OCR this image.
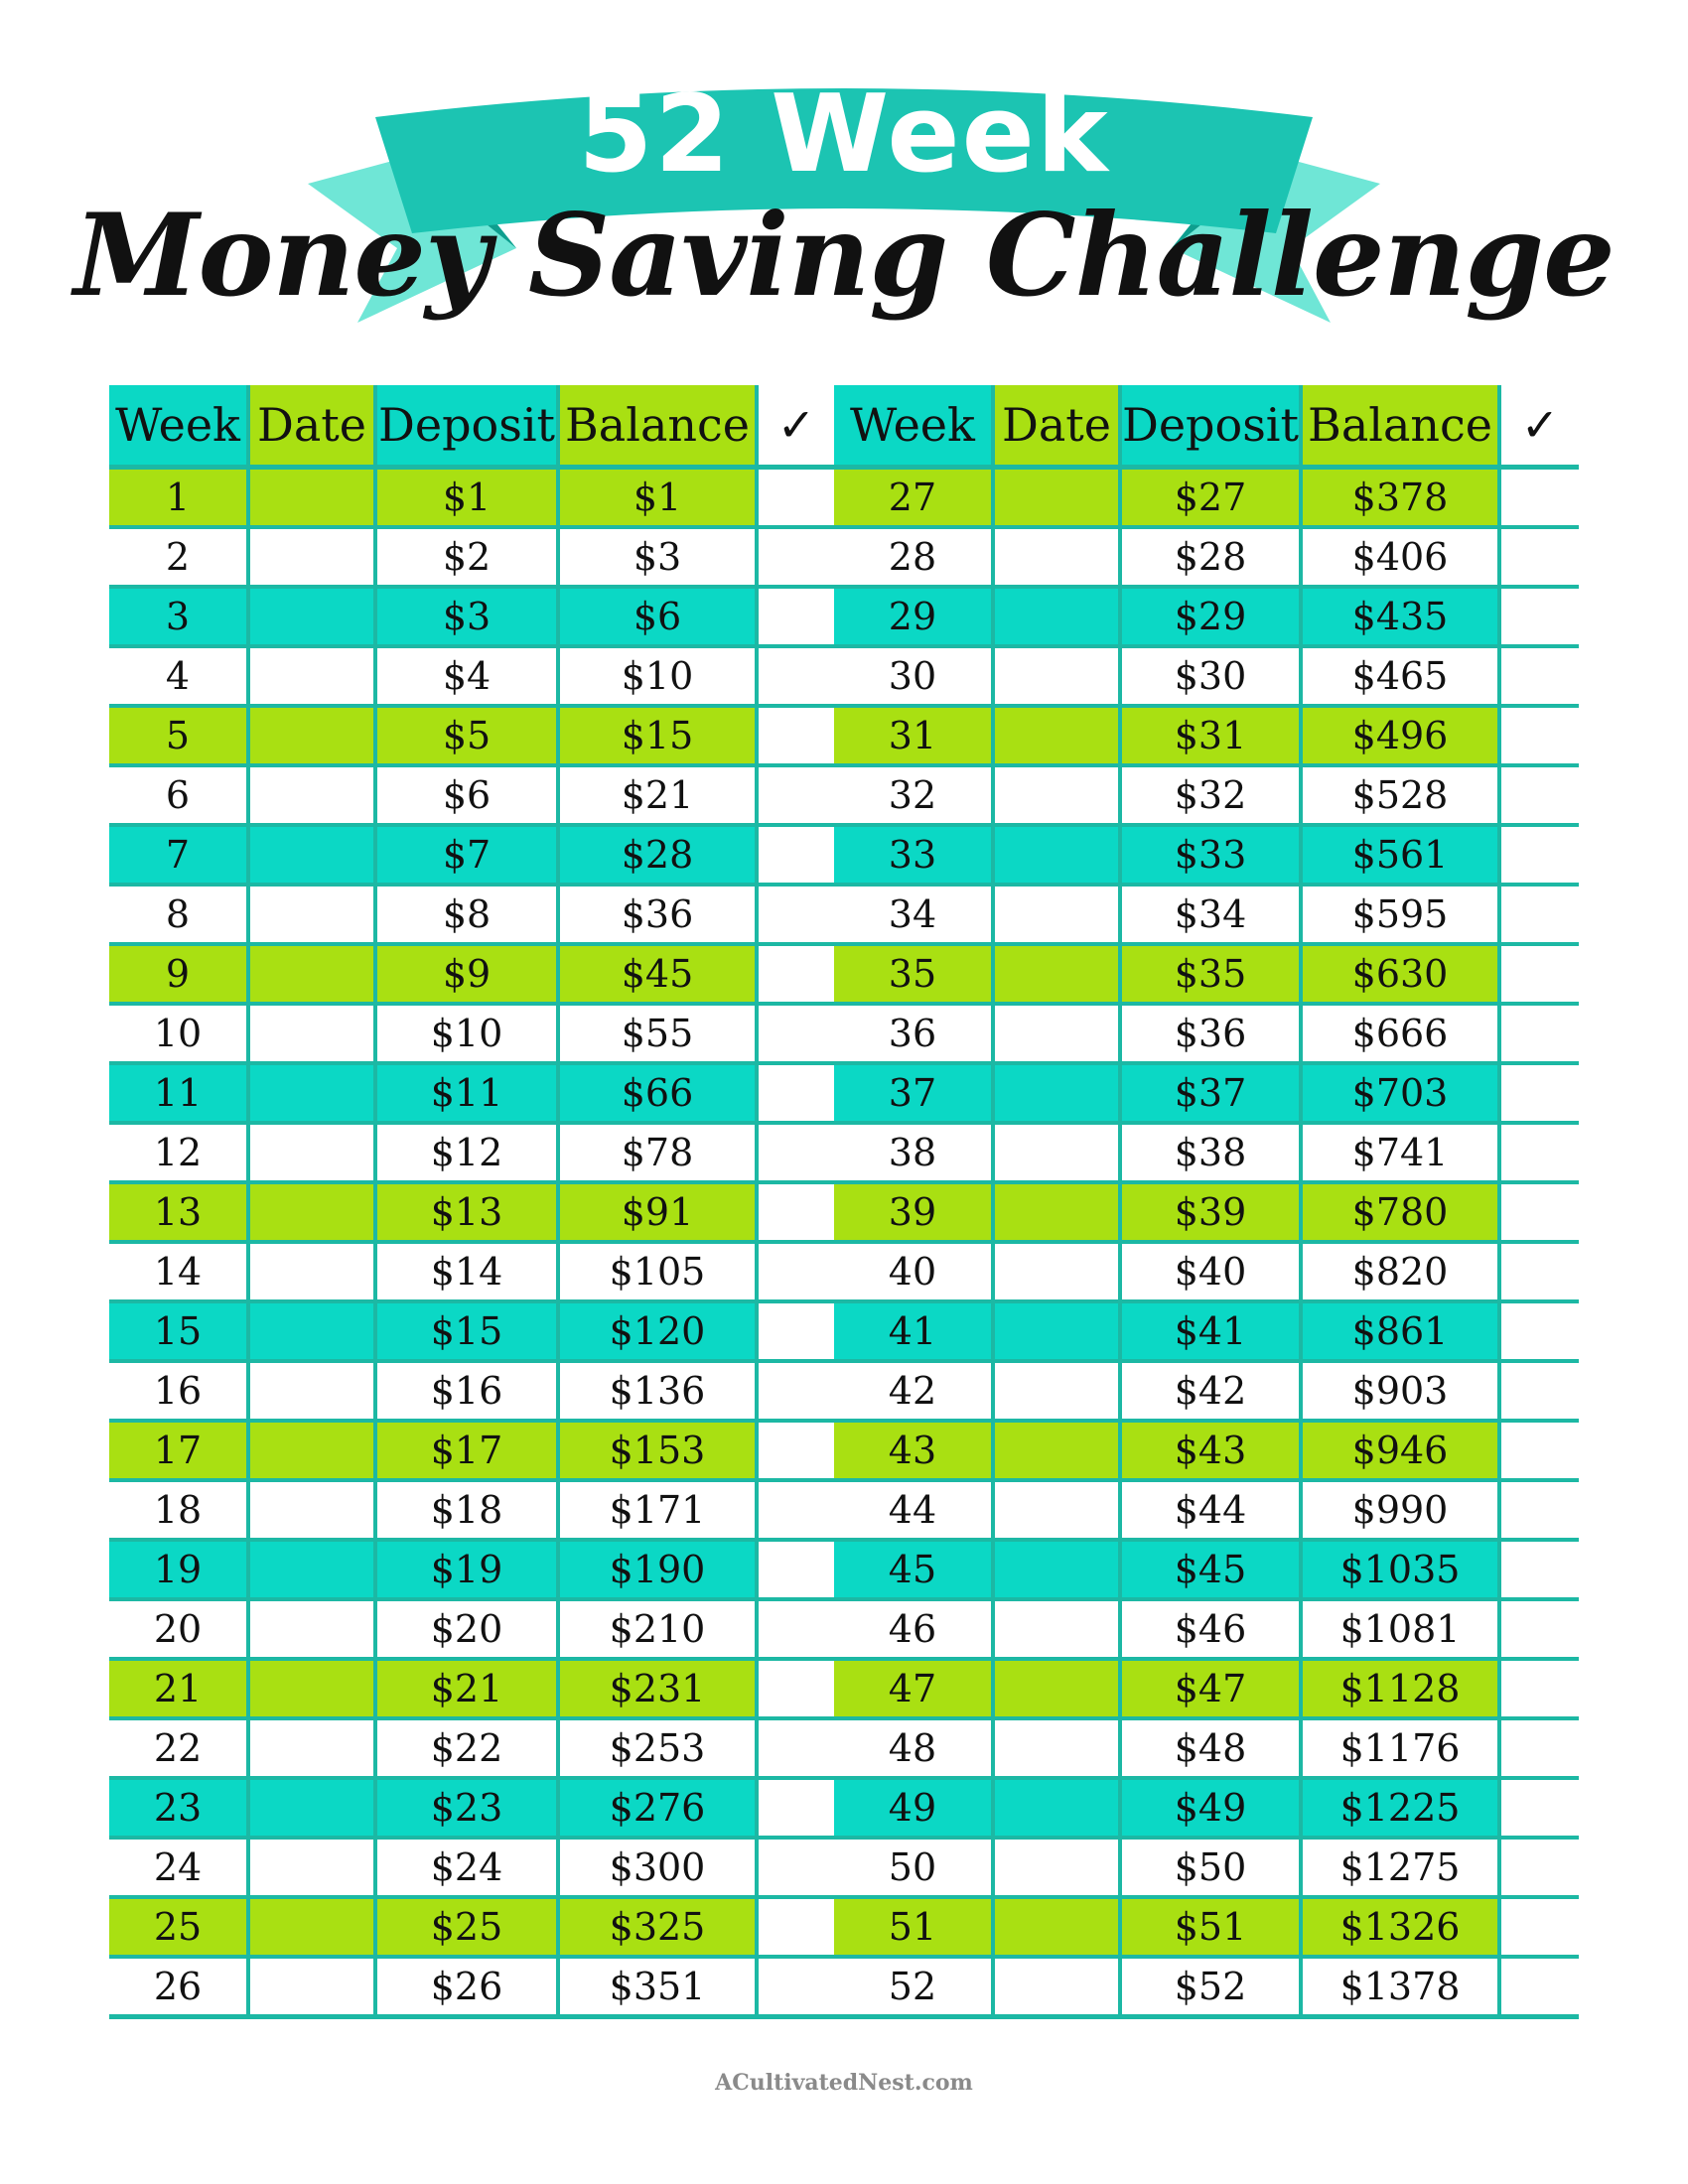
52 Week
Money Saving Challenge
Week	Date	Deposit	Balance	✓
1		$1	$1	
2		$2	$3	
3		$3	$6	
4		$4	$10	
5		$5	$15	
6		$6	$21	
7		$7	$28	
8		$8	$36	
9		$9	$45	
10		$10	$55	
11		$11	$66	
12		$12	$78	
13		$13	$91	
14		$14	$105	
15		$15	$120	
16		$16	$136	
17		$17	$153	
18		$18	$171	
19		$19	$190	
20		$20	$210	
21		$21	$231	
22		$22	$253	
23		$23	$276	
24		$24	$300	
25		$25	$325	
26		$26	$351	
Week	Date	Deposit	Balance	✓
27		$27	$378	
28		$28	$406	
29		$29	$435	
30		$30	$465	
31		$31	$496	
32		$32	$528	
33		$33	$561	
34		$34	$595	
35		$35	$630	
36		$36	$666	
37		$37	$703	
38		$38	$741	
39		$39	$780	
40		$40	$820	
41		$41	$861	
42		$42	$903	
43		$43	$946	
44		$44	$990	
45		$45	$1035	
46		$46	$1081	
47		$47	$1128	
48		$48	$1176	
49		$49	$1225	
50		$50	$1275	
51		$51	$1326	
52		$52	$1378	
ACultivatedNest.com
